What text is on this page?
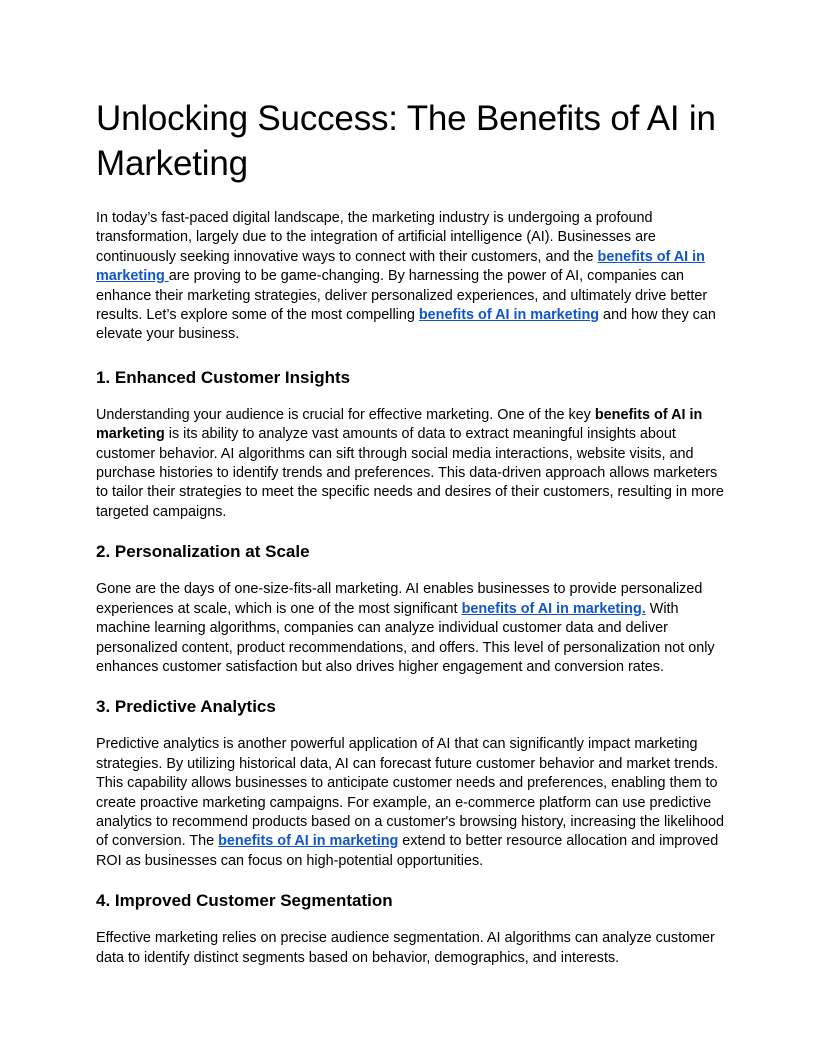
Unlocking Success: The Benefits of AI in Marketing

In today’s fast-paced digital landscape, the marketing industry is undergoing a profound transformation, largely due to the integration of artificial intelligence (AI). Businesses are continuously seeking innovative ways to connect with their customers, and the benefits of AI in marketing are proving to be game-changing. By harnessing the power of AI, companies can enhance their marketing strategies, deliver personalized experiences, and ultimately drive better results. Let’s explore some of the most compelling benefits of AI in marketing and how they can elevate your business.

1. Enhanced Customer Insights

Understanding your audience is crucial for effective marketing. One of the key benefits of AI in marketing is its ability to analyze vast amounts of data to extract meaningful insights about customer behavior. AI algorithms can sift through social media interactions, website visits, and purchase histories to identify trends and preferences. This data-driven approach allows marketers to tailor their strategies to meet the specific needs and desires of their customers, resulting in more targeted campaigns.

2. Personalization at Scale

Gone are the days of one-size-fits-all marketing. AI enables businesses to provide personalized experiences at scale, which is one of the most significant benefits of AI in marketing. With machine learning algorithms, companies can analyze individual customer data and deliver personalized content, product recommendations, and offers. This level of personalization not only enhances customer satisfaction but also drives higher engagement and conversion rates.

3. Predictive Analytics

Predictive analytics is another powerful application of AI that can significantly impact marketing strategies. By utilizing historical data, AI can forecast future customer behavior and market trends. This capability allows businesses to anticipate customer needs and preferences, enabling them to create proactive marketing campaigns. For example, an e-commerce platform can use predictive analytics to recommend products based on a customer's browsing history, increasing the likelihood of conversion. The benefits of AI in marketing extend to better resource allocation and improved ROI as businesses can focus on high-potential opportunities.

4. Improved Customer Segmentation

Effective marketing relies on precise audience segmentation. AI algorithms can analyze customer data to identify distinct segments based on behavior, demographics, and interests.
